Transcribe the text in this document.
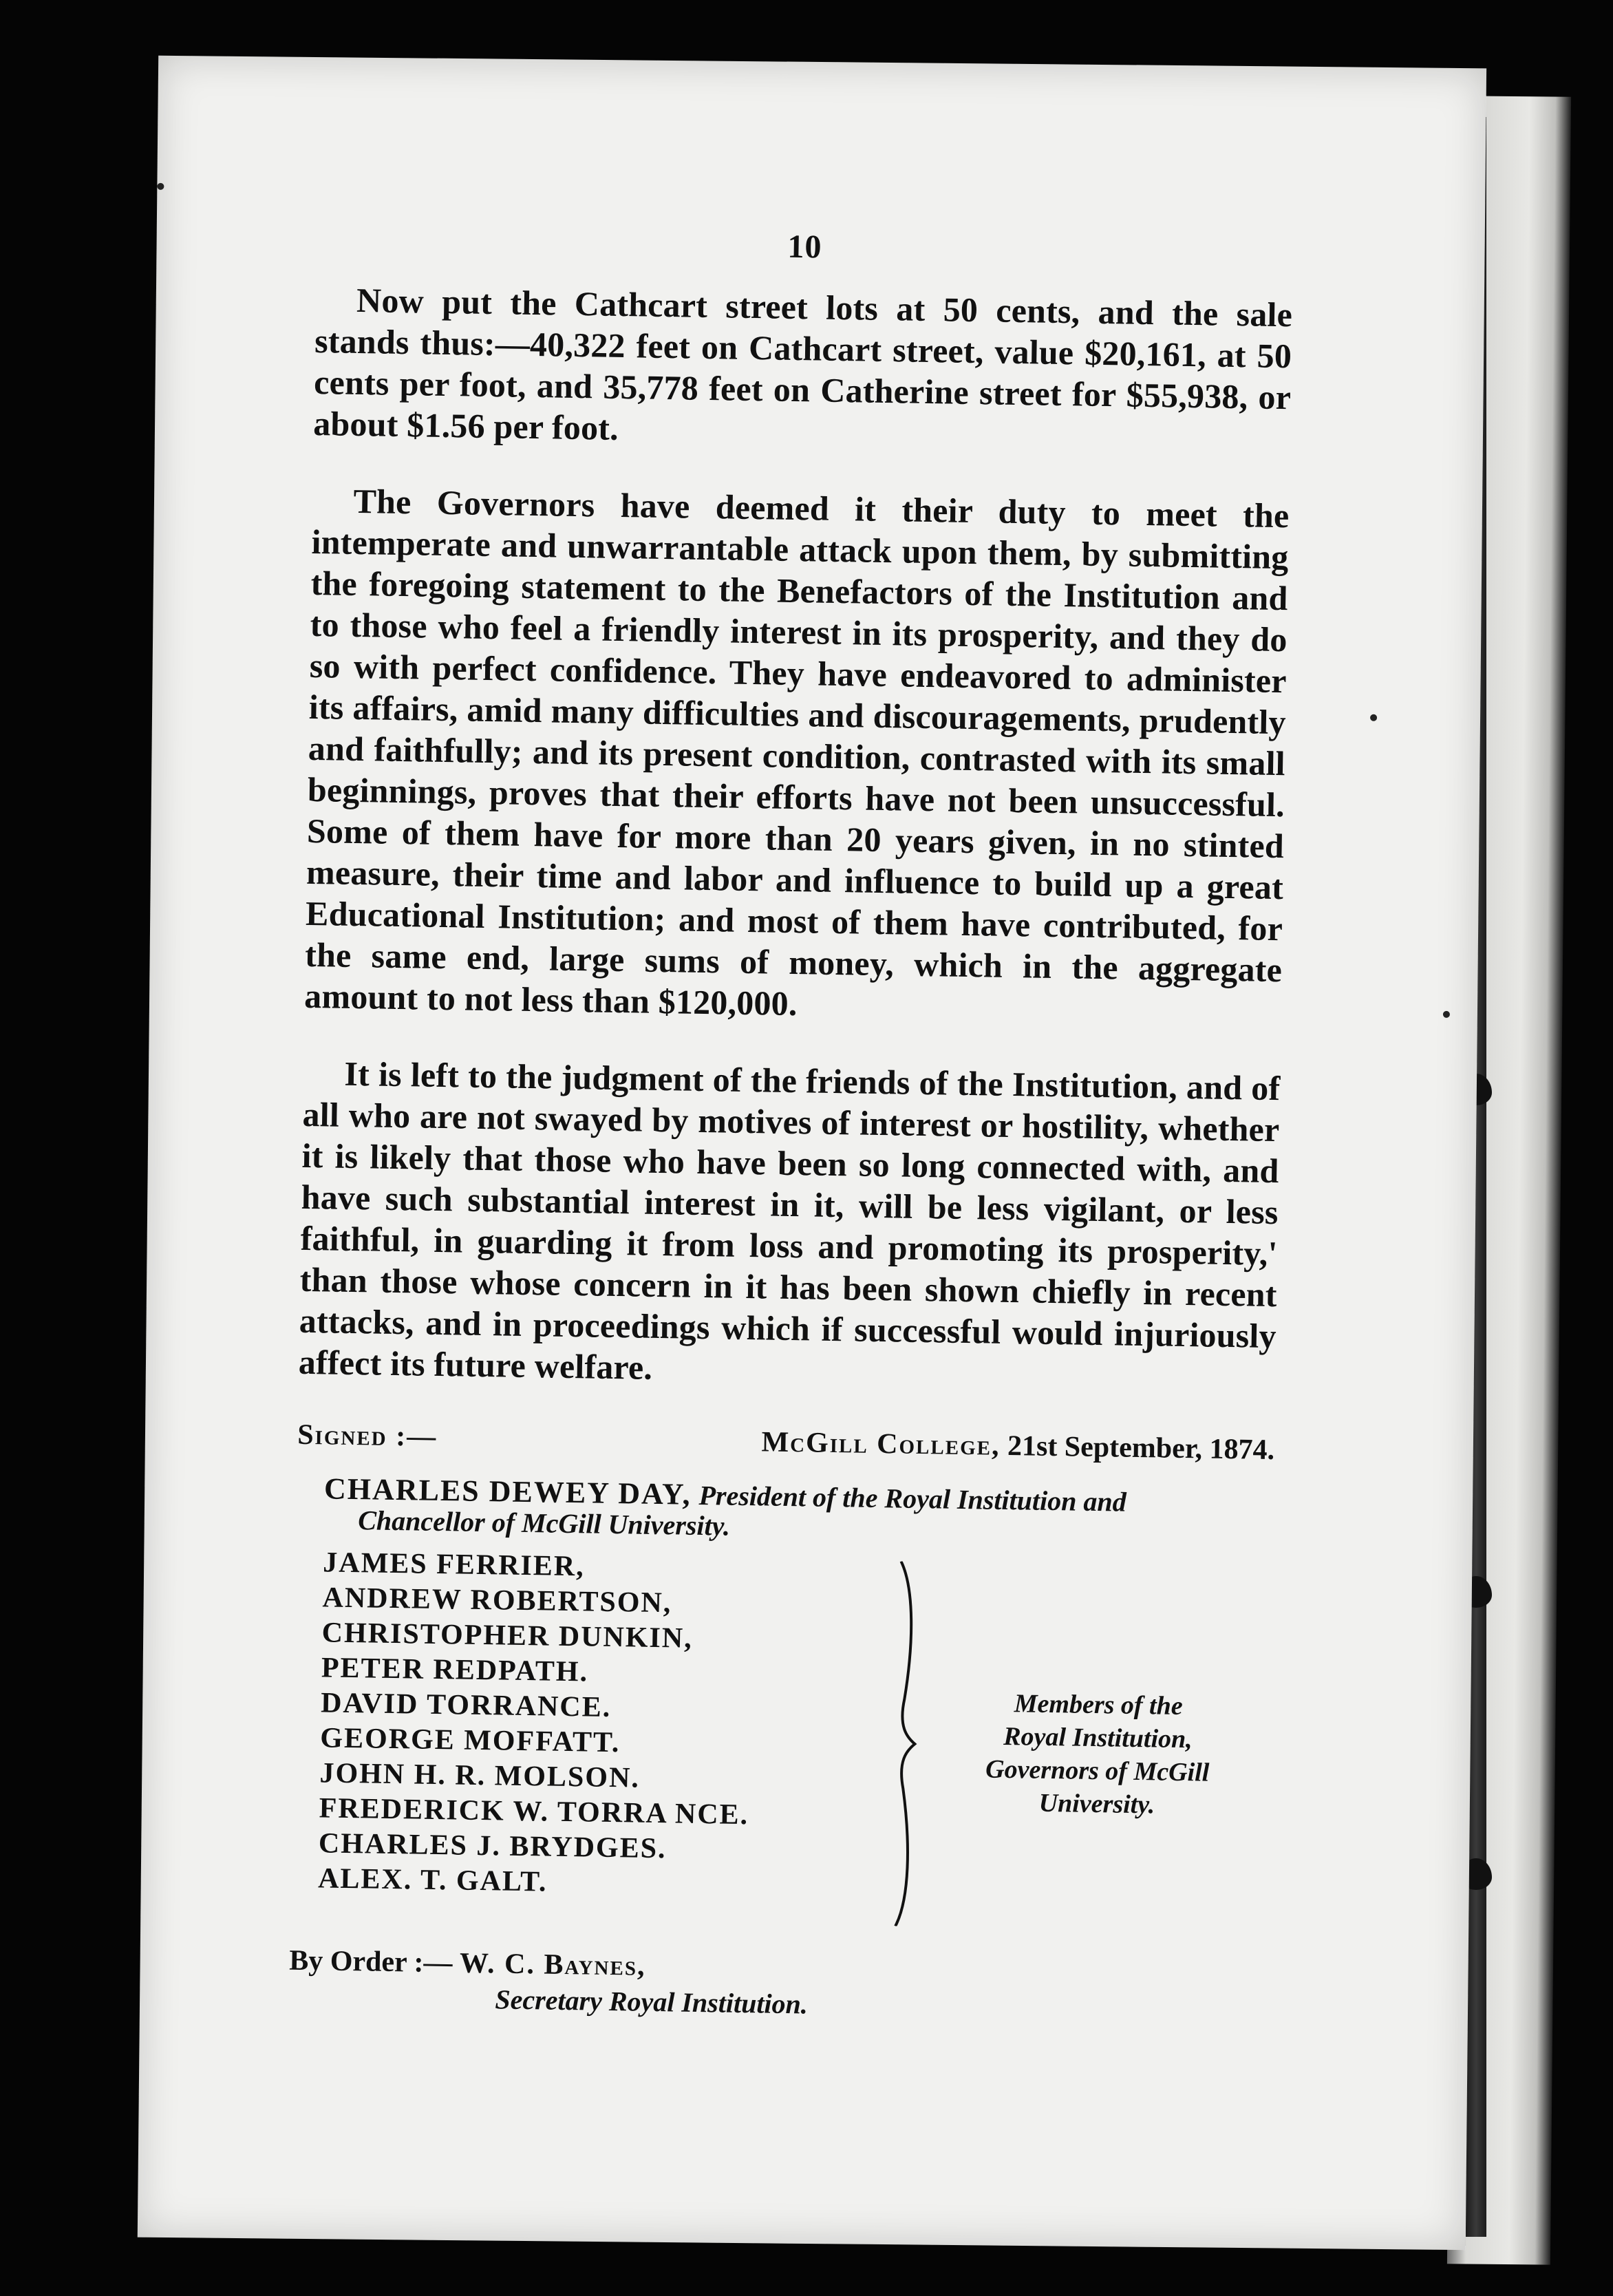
10

Now put the Cathcart street lots at 50 cents, and the sale stands thus:—40,322 feet on Cathcart street, value $20,161, at 50 cents per foot, and 35,778 feet on Catherine street for $55,938, or about $1.56 per foot.

The Governors have deemed it their duty to meet the intemperate and unwarrantable attack upon them, by submitting the foregoing statement to the Benefactors of the Institution and to those who feel a friendly interest in its prosperity, and they do so with perfect confidence. They have endeavored to administer its affairs, amid many difficulties and discouragements, prudently and faithfully; and its present condition, contrasted with its small beginnings, proves that their efforts have not been unsuccessful. Some of them have for more than 20 years given, in no stinted measure, their time and labor and influence to build up a great Educational Institution; and most of them have contributed, for the same end, large sums of money, which in the aggregate amount to not less than $120,000.

It is left to the judgment of the friends of the Institution, and of all who are not swayed by motives of interest or hostility, whether it is likely that those who have been so long connected with, and have such substantial interest in it, will be less vigilant, or less faithful, in guarding it from loss and promoting its prosperity,' than those whose concern in it has been shown chiefly in recent attacks, and in proceedings which if successful would injuriously affect its future welfare.

Signed :—	McGill College, 21st September, 1874.
CHARLES DEWEY DAY, President of the Royal Institution and
Chancellor of McGill University.
JAMES FERRIER,
ANDREW ROBERTSON,
CHRISTOPHER DUNKIN,
PETER REDPATH.
DAVID TORRANCE.
GEORGE MOFFATT.
JOHN H. R. MOLSON.
FREDERICK W. TORRA NCE.
CHARLES J. BRYDGES.
ALEX. T. GALT.
Members of the
Royal Institution,
Governors of McGill
University.
By Order :— W. C. Baynes,
Secretary Royal Institution.
